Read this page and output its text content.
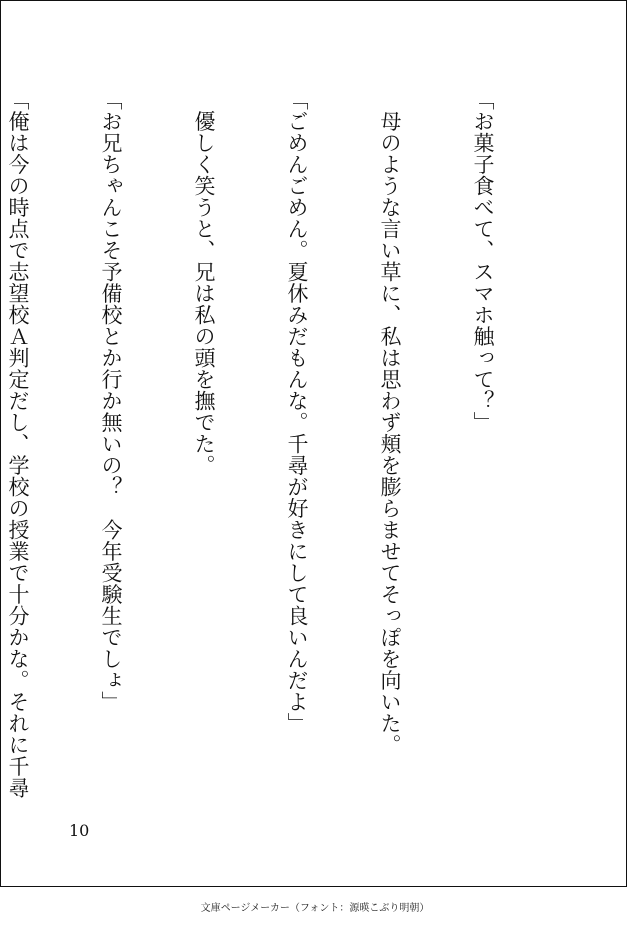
「お菓子食べて、スマホ触って？」

　母のような言い草に、私は思わず頬を膨らませてそっぽを向いた。

「ごめんごめん。夏休みだもんな。千尋が好きにして良いんだよ」

　優しく笑うと、兄は私の頭を撫でた。

「お兄ちゃんこそ予備校とか行か無いの？　今年受験生でしょ」

「俺は今の時点で志望校Ａ判定だし、学校の授業で十分かな。それに千尋

10
文庫ページメーカー（フォント：源暎こぶり明朝）
